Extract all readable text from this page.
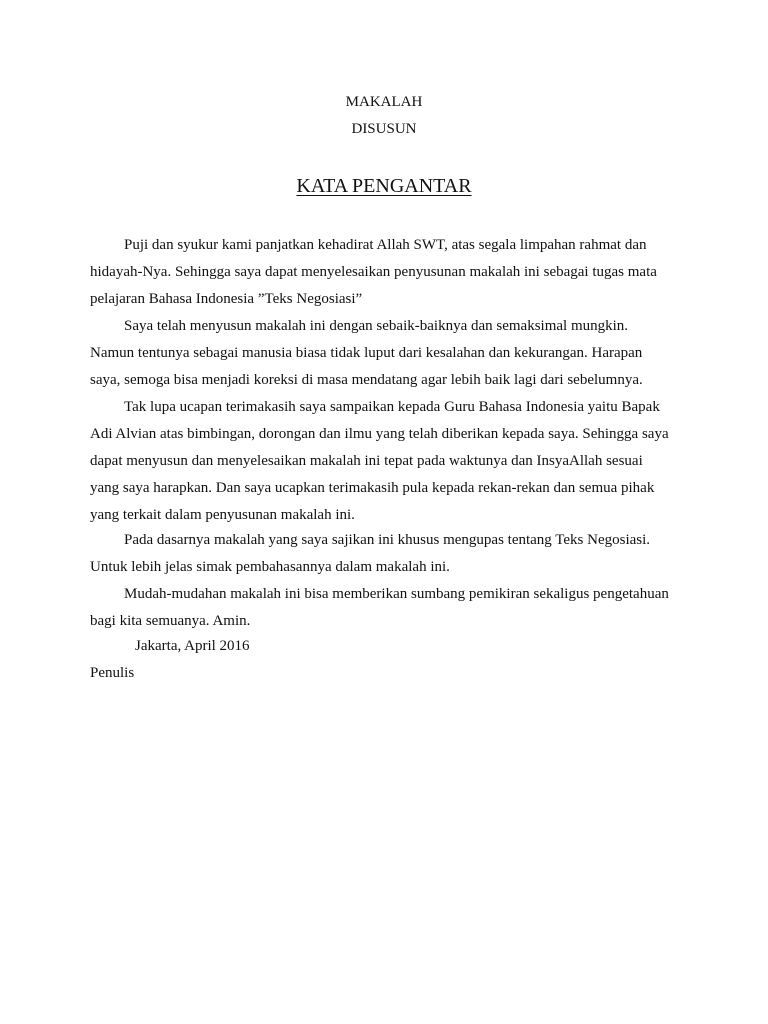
MAKALAH
DISUSUN
KATA PENGANTAR
Puji dan syukur kami panjatkan kehadirat Allah SWT, atas segala limpahan rahmat dan
hidayah-Nya. Sehingga saya dapat menyelesaikan penyusunan makalah ini sebagai tugas mata
pelajaran Bahasa Indonesia ”Teks Negosiasi”
Saya telah menyusun makalah ini dengan sebaik-baiknya dan semaksimal mungkin.
Namun tentunya sebagai manusia biasa tidak luput dari kesalahan dan kekurangan. Harapan
saya, semoga bisa menjadi koreksi di masa mendatang agar lebih baik lagi dari sebelumnya.
Tak lupa ucapan terimakasih saya sampaikan kepada Guru Bahasa Indonesia yaitu Bapak
Adi Alvian atas bimbingan, dorongan dan ilmu yang telah diberikan kepada saya. Sehingga saya
dapat menyusun dan menyelesaikan makalah ini tepat pada waktunya dan InsyaAllah sesuai
yang saya harapkan. Dan saya ucapkan terimakasih pula kepada rekan-rekan dan semua pihak
yang terkait dalam penyusunan makalah ini.
Pada dasarnya makalah yang saya sajikan ini khusus mengupas tentang Teks Negosiasi.
Untuk lebih jelas simak pembahasannya dalam makalah ini.
Mudah-mudahan makalah ini bisa memberikan sumbang pemikiran sekaligus pengetahuan
bagi kita semuanya. Amin.
Jakarta, April 2016
Penulis
